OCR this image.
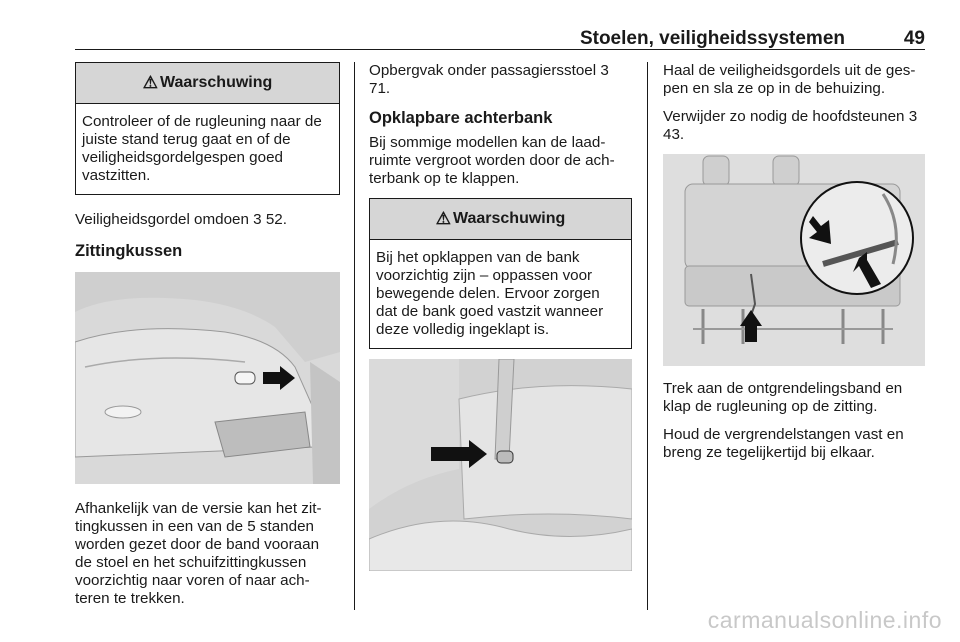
Stoelen, veiligheidssystemen	49
⚠ Waarschuwing
Controleer of de rugleuning naar de juiste stand terug gaat en of de veiligheidsgordelgespen goed vastzitten.

Veiligheidsgordel omdoen 3 52.

Zittingkussen

Afhankelijk van de versie kan het zit-tingkussen in een van de 5 standen worden gezet door de band vooraan de stoel en het schuifzittingkussen voorzichtig naar voren of naar ach-teren te trekken.

Opbergvak onder passagiersstoel 3 71.

Opklapbare achterbank

Bij sommige modellen kan de laad-ruimte vergroot worden door de ach-terbank op te klappen.

⚠ Waarschuwing
Bij het opklappen van de bank voorzichtig zijn – oppassen voor bewegende delen. Ervoor zorgen dat de bank goed vastzit wanneer deze volledig ingeklapt is.

Haal de veiligheidsgordels uit de ges-pen en sla ze op in de behuizing.

Verwijder zo nodig de hoofdsteunen 3 43.

Trek aan de ontgrendelingsband en klap de rugleuning op de zitting.

Houd de vergrendelstangen vast en breng ze tegelijkertijd bij elkaar.

carmanualsonline.info
